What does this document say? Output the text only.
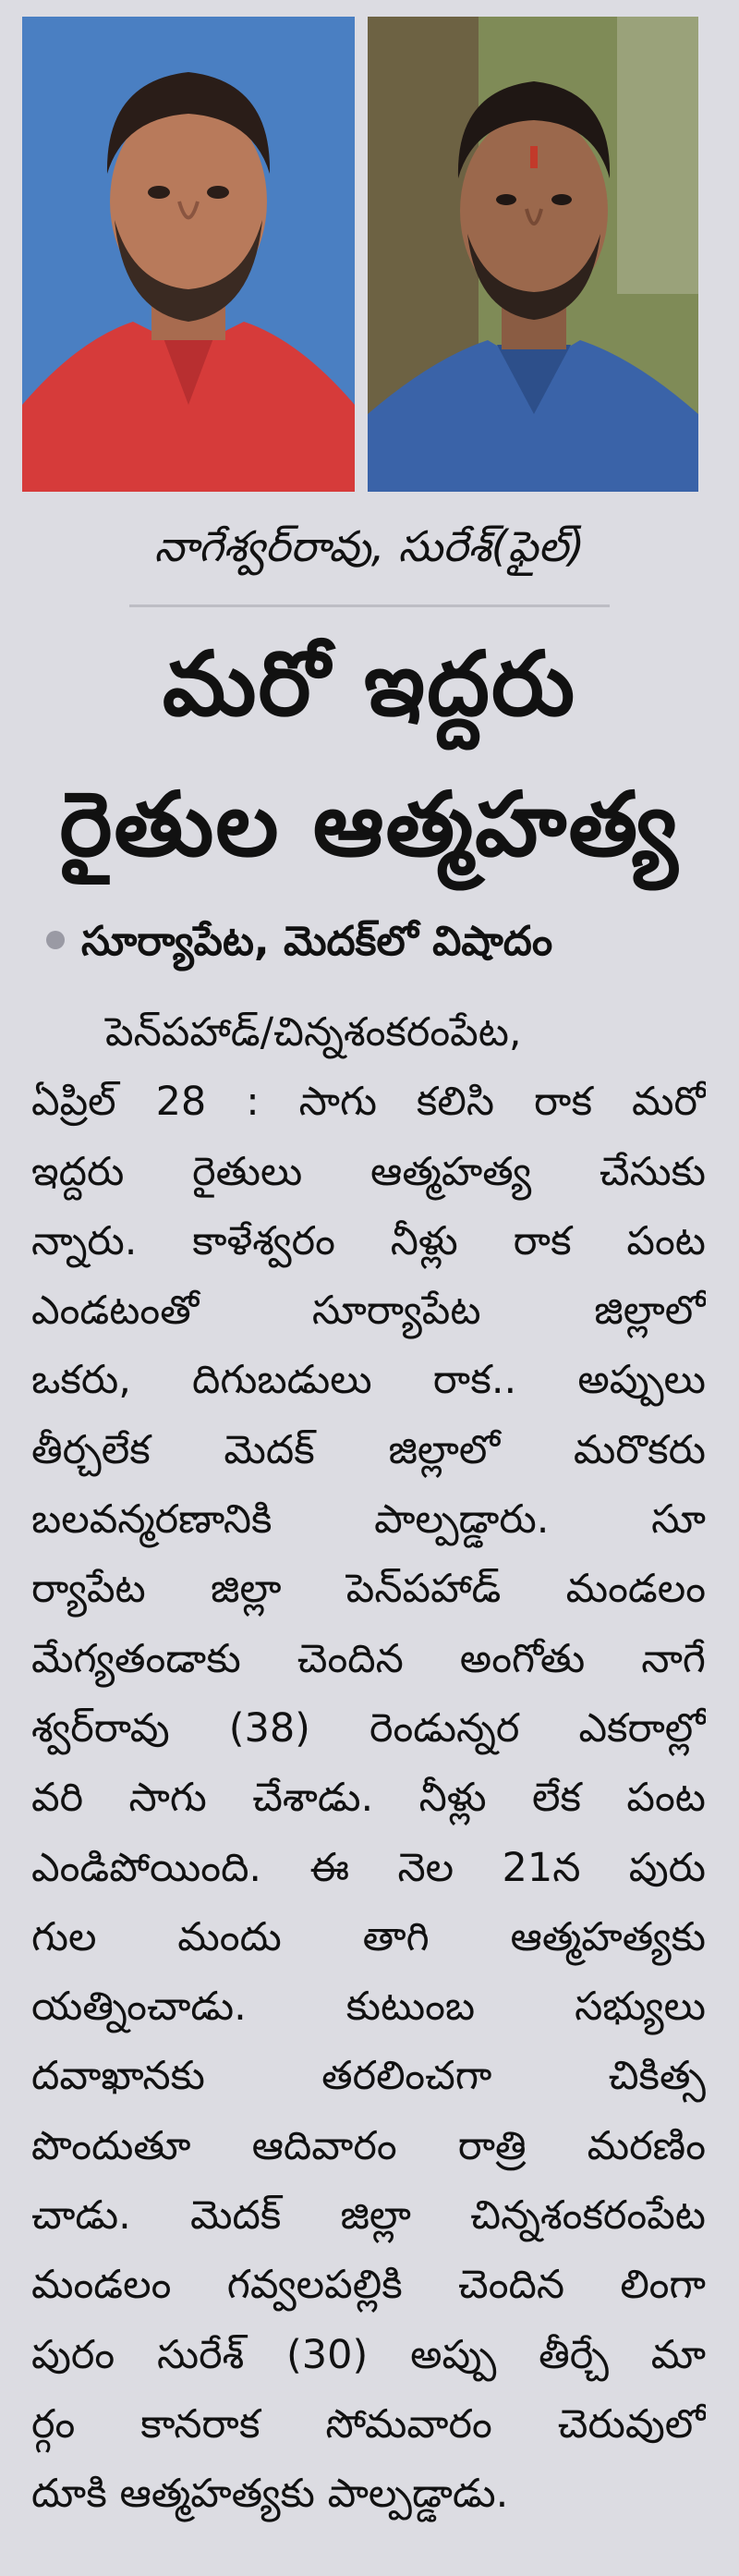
నాగేశ్వర్‌రావు, సురేశ్‌(ఫైల్‌)
మరో ఇద్దరు
రైతుల ఆత్మహత్య
సూర్యాపేట, మెదక్‌లో విషాదం
పెన్‌పహాడ్‌/చిన్నశంకరంపేట,
ఏప్రిల్‌ 28 : సాగు కలిసి రాక మరో
ఇద్దరు రైతులు ఆత్మహత్య చేసుకు
న్నారు. కాళేశ్వరం నీళ్లు రాక పంట
ఎండటంతో సూర్యాపేట జిల్లాలో
ఒకరు, దిగుబడులు రాక.. అప్పులు
తీర్చలేక మెదక్‌ జిల్లాలో మరొకరు
బలవన్మరణానికి పాల్పడ్డారు. సూ
ర్యాపేట జిల్లా పెన్‌పహాడ్‌ మండలం
మేగ్యతండాకు చెందిన అంగోతు నాగే
శ్వర్‌రావు (38) రెండున్నర ఎకరాల్లో
వరి సాగు చేశాడు. నీళ్లు లేక పంట
ఎండిపోయింది. ఈ నెల 21న పురు
గుల మందు తాగి ఆత్మహత్యకు
యత్నించాడు. కుటుంబ సభ్యులు
దవాఖానకు తరలించగా చికిత్స
పొందుతూ ఆదివారం రాత్రి మరణిం
చాడు. మెదక్‌ జిల్లా చిన్నశంకరంపేట
మండలం గవ్వలపల్లికి చెందిన లింగా
పురం సురేశ్‌ (30) అప్పు తీర్చే మా
ర్గం కానరాక సోమవారం చెరువులో
దూకి ఆత్మహత్యకు పాల్పడ్డాడు.
